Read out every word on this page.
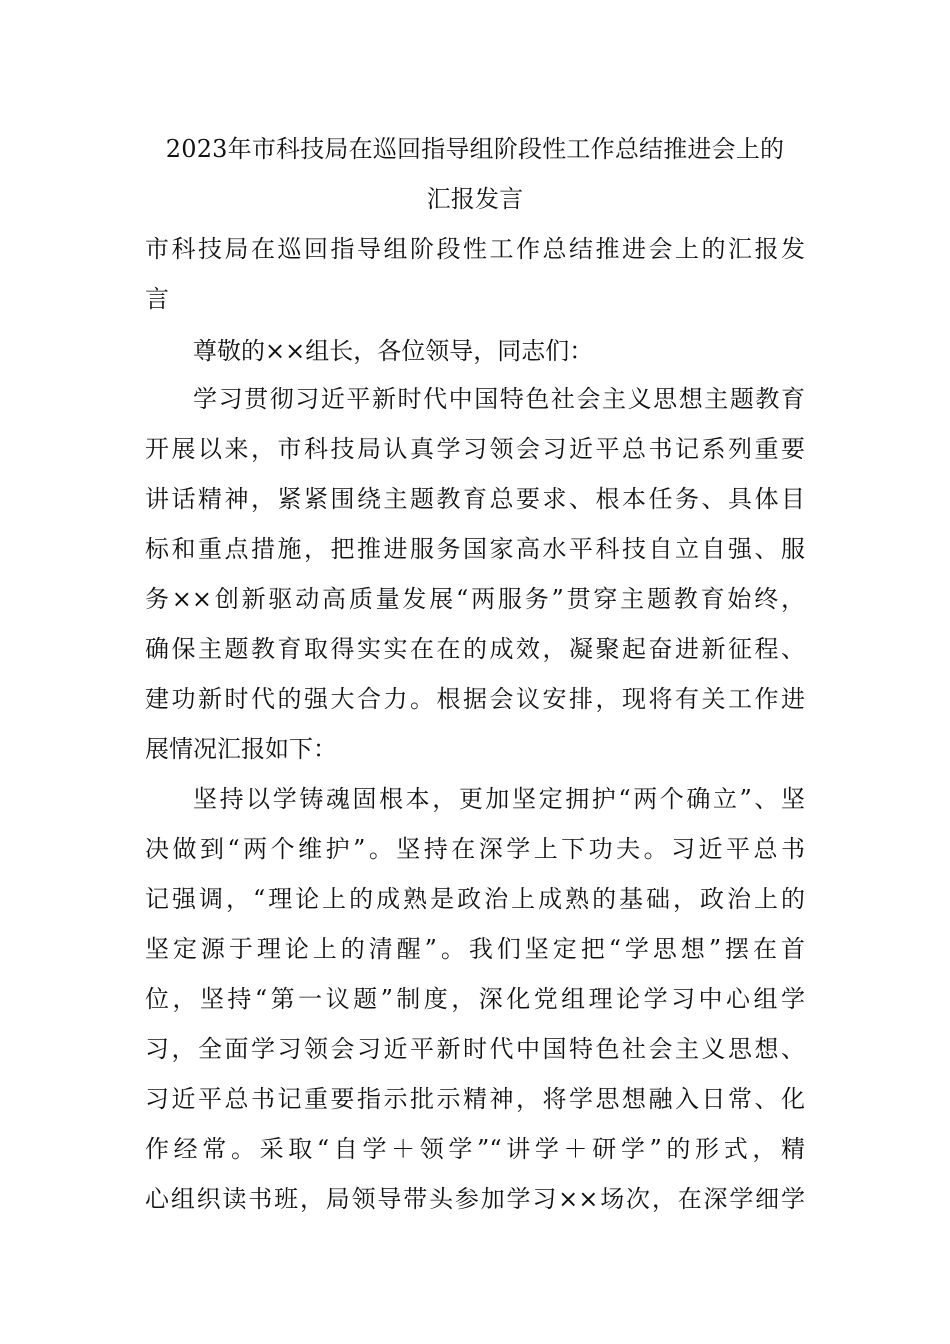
2023年市科技局在巡回指导组阶段性工作总结推进会上的
汇报发言
市科技局在巡回指导组阶段性工作总结推进会上的汇报发
言
尊敬的××组长，各位领导，同志们：
学习贯彻习近平新时代中国特色社会主义思想主题教育
开展以来，市科技局认真学习领会习近平总书记系列重要
讲话精神，紧紧围绕主题教育总要求、根本任务、具体目
标和重点措施，把推进服务国家高水平科技自立自强、服
务××创新驱动高质量发展“两服务”贯穿主题教育始终，
确保主题教育取得实实在在的成效，凝聚起奋进新征程、
建功新时代的强大合力。根据会议安排，现将有关工作进
展情况汇报如下：
坚持以学铸魂固根本，更加坚定拥护“两个确立”、坚
决做到“两个维护”。坚持在深学上下功夫。习近平总书
记强调，“理论上的成熟是政治上成熟的基础，政治上的
坚定源于理论上的清醒”。我们坚定把“学思想”摆在首
位，坚持“第一议题”制度，深化党组理论学习中心组学
习，全面学习领会习近平新时代中国特色社会主义思想、
习近平总书记重要指示批示精神，将学思想融入日常、化
作经常。采取“自学＋领学”“讲学＋研学”的形式，精
心组织读书班，局领导带头参加学习××场次，在深学细学
